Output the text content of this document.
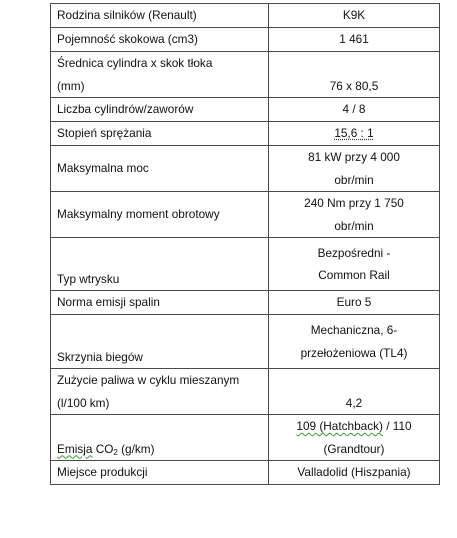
Rodzina silników (Renault)	K9K
Pojemność skokowa (cm3)	1 461

Średnica cylindra x skok tłoka
(mm)	76 x 80,5
Liczba cylindrów/zaworów	4 / 8
Stopień sprężania	15,6 : 1
Maksymalna moc	81 kW przy 4 000
obr/min

Maksymalny moment obrotowy	240 Nm przy 1 750
obr/min

Typ wtrysku	Bezpośredni -
Common Rail

Norma emisji spalin	Euro 5
Skrzynia biegów	Mechaniczna, 6-
przełożeniowa (TL4)

Zużycie paliwa w cyklu mieszanym
(l/100 km)	4,2
Emisja $CO_2$ (g/km)	109 (Hatchback) / 110
(Grandtour)

Miejsce produkcji	Valladolid (Hiszpania)
